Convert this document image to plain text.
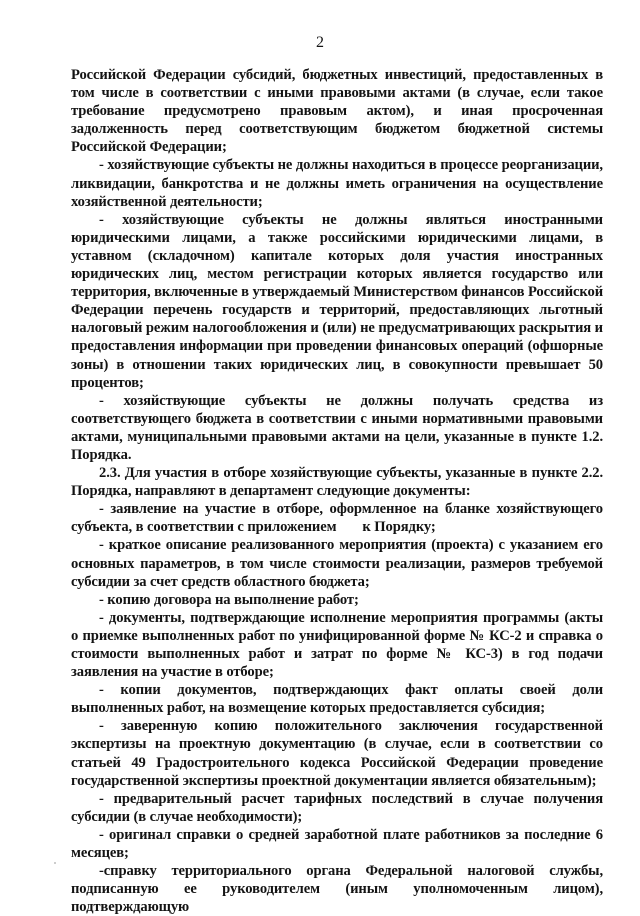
2

Российской Федерации субсидий, бюджетных инвестиций, предоставленных в том числе в соответствии с иными правовыми актами (в случае, если такое требование предусмотрено правовым актом), и иная просроченная задолженность перед соответствующим бюджетом бюджетной системы Российской Федерации;

- хозяйствующие субъекты не должны находиться в процессе реорганизации, ликвидации, банкротства и не должны иметь ограничения на осуществление хозяйственной деятельности;

- хозяйствующие субъекты не должны являться иностранными юридическими лицами, а также российскими юридическими лицами, в уставном (складочном) капитале которых доля участия иностранных юридических лиц, местом регистрации которых является государство или территория, включенные в утверждаемый Министерством финансов Российской Федерации перечень государств и территорий, предоставляющих льготный налоговый режим налогообложения и (или) не предусматривающих раскрытия и предоставления информации при проведении финансовых операций (офшорные зоны) в отношении таких юридических лиц, в совокупности превышает 50 процентов;

- хозяйствующие субъекты не должны получать средства из соответствующего бюджета в соответствии с иными нормативными правовыми актами, муниципальными правовыми актами на цели, указанные в пункте 1.2. Порядка.

2.3. Для участия в отборе хозяйствующие субъекты, указанные в пункте 2.2. Порядка, направляют в департамент следующие документы:

- заявление на участие в отборе, оформленное на бланке хозяйствующего субъекта, в соответствии с приложением к Порядку;

- краткое описание реализованного мероприятия (проекта) с указанием его основных параметров, в том числе стоимости реализации, размеров требуемой субсидии за счет средств областного бюджета;

- копию договора на выполнение работ;

- документы, подтверждающие исполнение мероприятия программы (акты о приемке выполненных работ по унифицированной форме № КС-2 и справка о стоимости выполненных работ и затрат по форме № КС-3) в год подачи заявления на участие в отборе;

- копии документов, подтверждающих факт оплаты своей доли выполненных работ, на возмещение которых предоставляется субсидия;

- заверенную копию положительного заключения государственной экспертизы на проектную документацию (в случае, если в соответствии со статьей 49 Градостроительного кодекса Российской Федерации проведение государственной экспертизы проектной документации является обязательным);

- предварительный расчет тарифных последствий в случае получения субсидии (в случае необходимости);

- оригинал справки о средней заработной плате работников за последние 6 месяцев;

-справку территориального органа Федеральной налоговой службы, подписанную ее руководителем (иным уполномоченным лицом), подтверждающую
